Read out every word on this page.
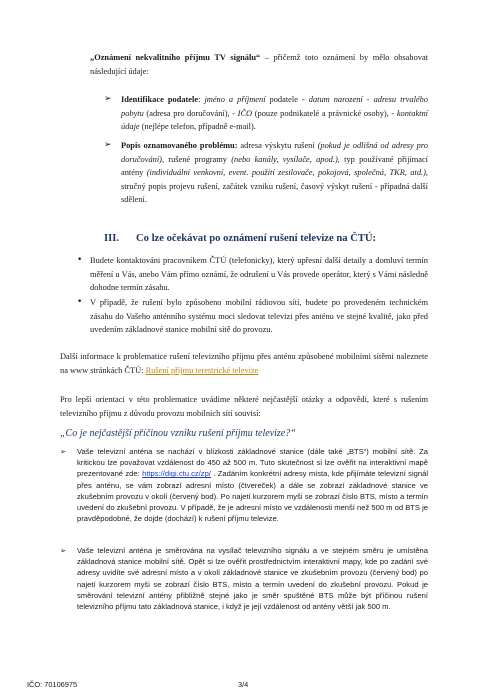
„Oznámení nekvalitního příjmu TV signálu“ – přičemž toto oznámení by mělo obsahovat následující údaje:

➢ Identifikace podatele: jméno a příjmení podatele - datum narození - adresu trvalého pobytu (adresa pro doručování), - IČO (pouze podnikatelé a právnické osoby), - kontaktní údaje (nejlépe telefon, případně e-mail).

➢ Popis oznamovaného problému: adresa výskytu rušení (pokud je odlišná od adresy pro doručování), rušené programy (nebo kanály, vysílače, apod.), typ používané přijímací antény (individuální venkovní, event. použití zesilovače, pokojová, společná, TKR, atd.), stručný popis projevu rušení, začátek vzniku rušení, časový výskyt rušení - případná další sdělení.

III. Co lze očekávat po oznámení rušení televize na ČTÚ:
• Budete kontaktováni pracovníkem ČTÚ (telefonicky), který upřesní další detaily a domluví termín měření u Vás, anebo Vám přímo oznámí, že odrušení u Vás provede operátor, který s Vámi následně dohodne termín zásahu.

• V případě, že rušení bylo způsobeno mobilní rádiovou sítí, budete po provedeném technickém zásahu do Vašeho anténního systému moci sledovat televizi přes anténu ve stejné kvalitě, jako před uvedením základnové stanice mobilní sítě do provozu.

Další informace k problematice rušení televizního příjmu přes anténu způsobené mobilními sítěmi naleznete na www stránkách ČTÚ: Rušení příjmu terestrické televize

Pro lepší orientaci v této problematice uvádíme některé nejčastější otázky a odpovědi, které s rušením televizního příjmu z důvodu provozu mobilních sítí souvisí:

„Co je nejčastější příčinou vzniku rušení příjmu televize?“

➢ Vaše televizní anténa se nachází v blízkosti základnové stanice (dále také „BTS“) mobilní sítě. Za kritickou lze považovat vzdálenost do 450 až 500 m. Tuto skutečnost si lze ověřit na interaktivní mapě prezentované zde: https://digi.ctu.cz/zp/ . Zadáním konkrétní adresy místa, kde přijímáte televizní signál přes anténu, se vám zobrazí adresní místo (čtvereček) a dále se zobrazí základnové stanice ve zkušebním provozu v okolí (červený bod). Po najetí kurzorem myši se zobrazí číslo BTS, místo a termín uvedení do zkušební provozu. V případě, že je adresní místo ve vzdálenosti menší než 500 m od BTS je pravděpodobné, že dojde (dochází) k rušení příjmu televize.

➢ Vaše televizní anténa je směrována na vysílač televizního signálu a ve stejném směru je umístěna základnová stanice mobilní sítě. Opět si lze ověřit prostřednictvím interaktivní mapy, kde po zadání své adresy uvidíte své adresní místo a v okolí základnové stanice ve zkušebním provozu (červený bod) po najetí kurzorem myši se zobrazí číslo BTS, místo a termín uvedení do zkušební provozu. Pokud je směrování televizní antény přibližně stejné jako je směr spuštěné BTS může být příčinou rušení televizního příjmu tato základnová stanice, i když je její vzdálenost od antény větší jak 500 m.

IČO: 70106975	3/4
